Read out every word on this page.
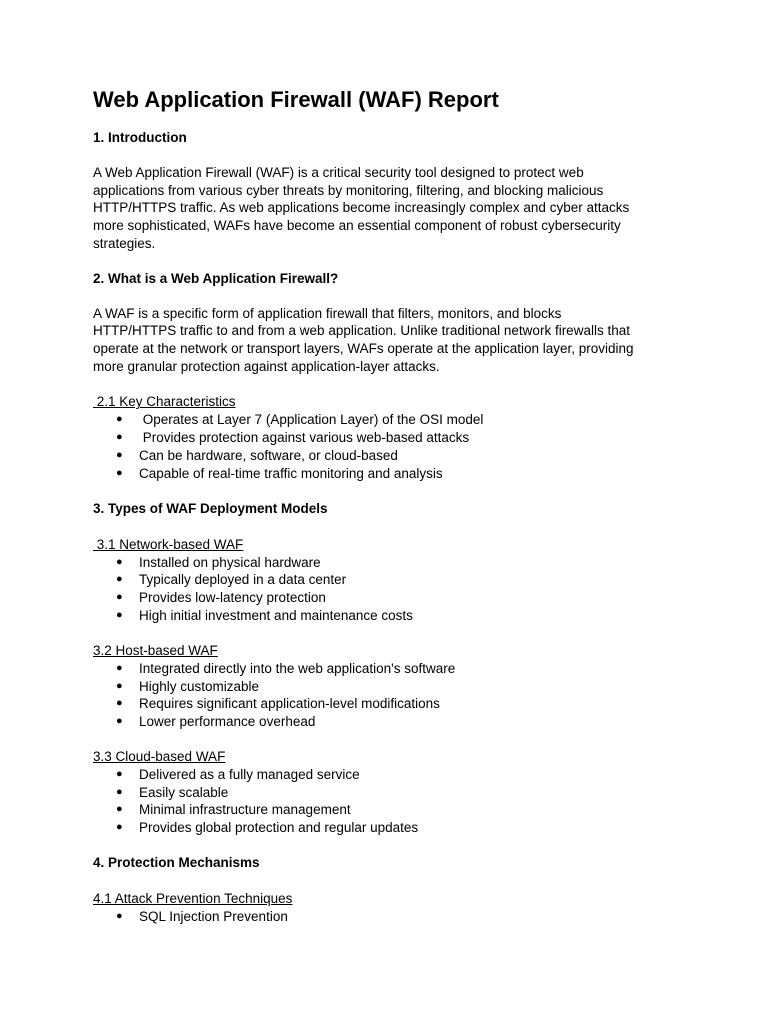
Web Application Firewall (WAF) Report
1. Introduction
A Web Application Firewall (WAF) is a critical security tool designed to protect web
applications from various cyber threats by monitoring, filtering, and blocking malicious
HTTP/HTTPS traffic. As web applications become increasingly complex and cyber attacks
more sophisticated, WAFs have become an essential component of robust cybersecurity
strategies.
2. What is a Web Application Firewall?
A WAF is a specific form of application firewall that filters, monitors, and blocks
HTTP/HTTPS traffic to and from a web application. Unlike traditional network firewalls that
operate at the network or transport layers, WAFs operate at the application layer, providing
more granular protection against application-layer attacks.
2.1 Key Characteristics
● Operates at Layer 7 (Application Layer) of the OSI model
● Provides protection against various web-based attacks
● Can be hardware, software, or cloud-based
● Capable of real-time traffic monitoring and analysis
3. Types of WAF Deployment Models
3.1 Network-based WAF
● Installed on physical hardware
● Typically deployed in a data center
● Provides low-latency protection
● High initial investment and maintenance costs
3.2 Host-based WAF
● Integrated directly into the web application's software
● Highly customizable
● Requires significant application-level modifications
● Lower performance overhead
3.3 Cloud-based WAF
● Delivered as a fully managed service
● Easily scalable
● Minimal infrastructure management
● Provides global protection and regular updates
4. Protection Mechanisms
4.1 Attack Prevention Techniques
● SQL Injection Prevention
